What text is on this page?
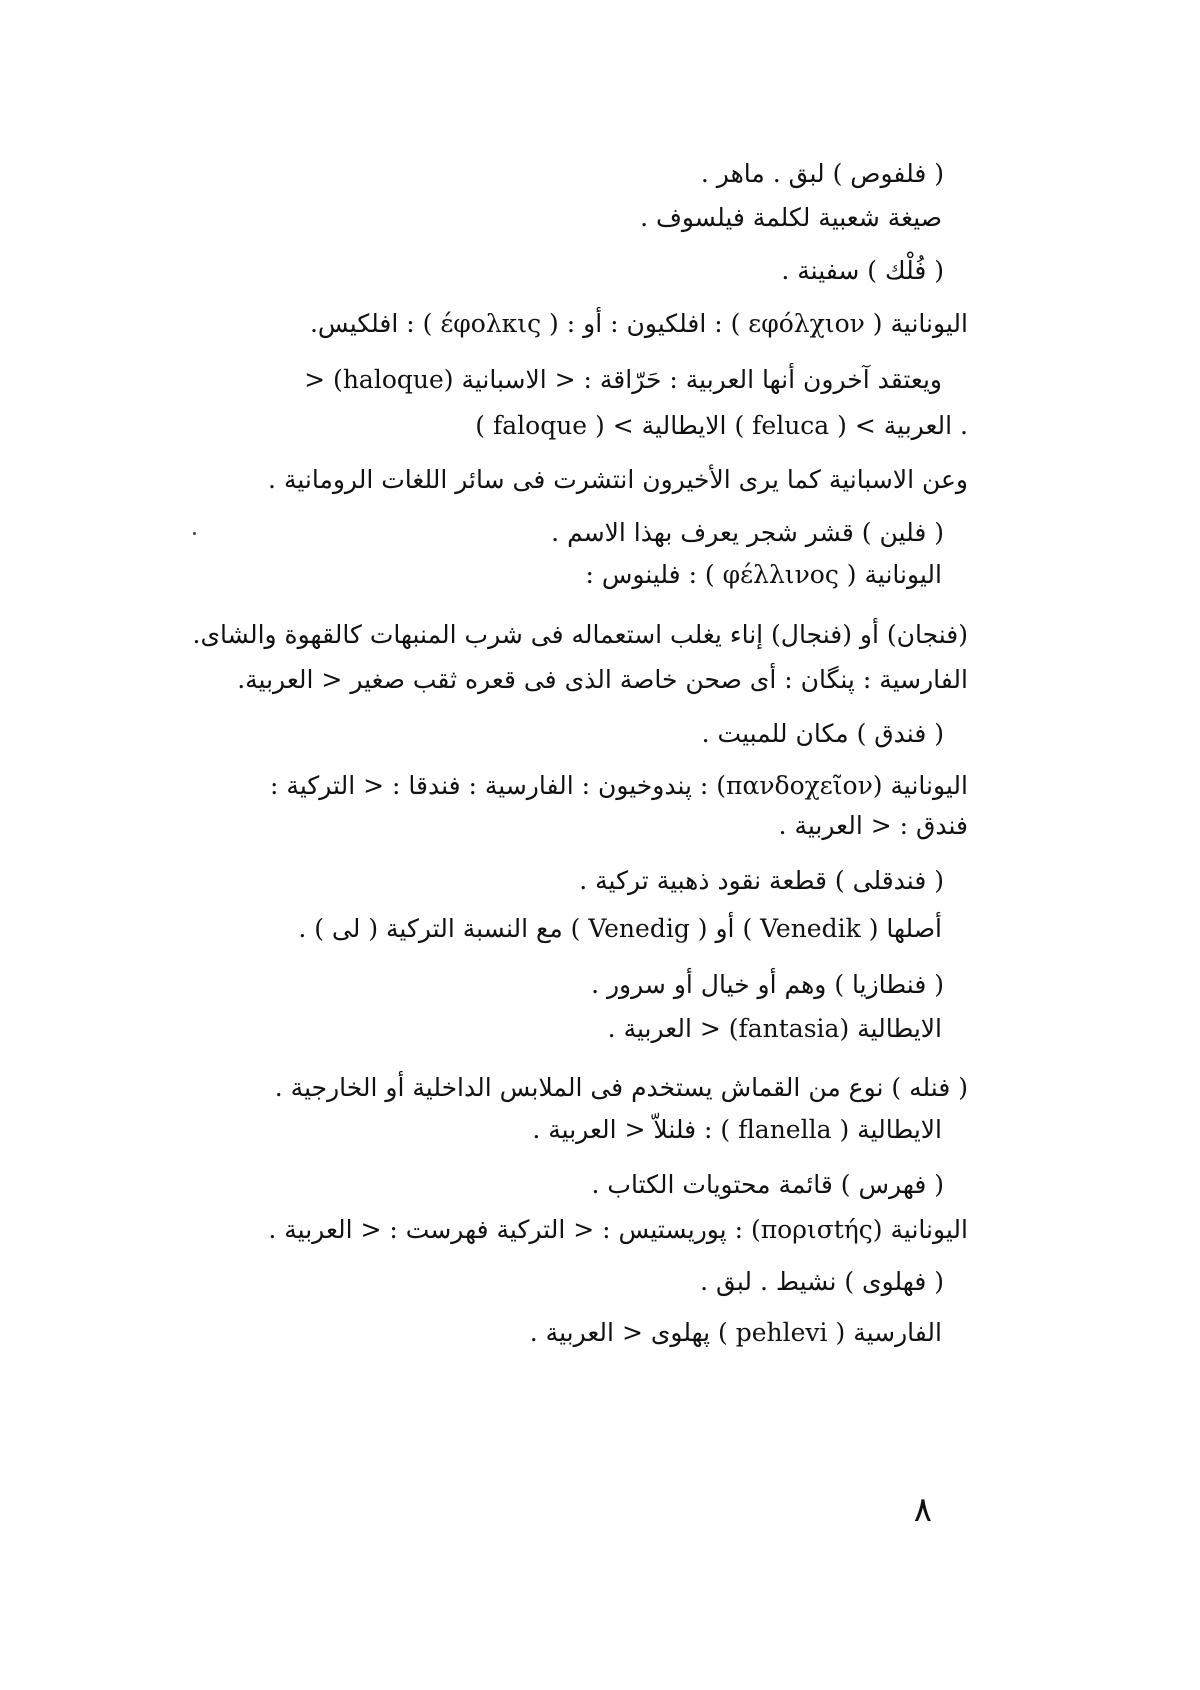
( فلفوص ) لبق . ماهر .
صيغة شعبية لكلمة فيلسوف .
( فُلْك ) سفينة .
اليونانية ( εφόλχιον ) : افلكيون : أو : ( έφολκις ) : افلكيس.
ويعتقد آخرون أنها العربية : حَرّاقة : < الاسبانية (haloque) <
( faloque ) < الايطالية ( feluca ) < العربية .
وعن الاسبانية كما يرى الأخيرون انتشرت فى سائر اللغات الرومانية .
( فلين ) قشر شجر يعرف بهذا الاسم .
اليونانية ( φέλλινος ) : فلينوس :
(فنجان) أو (فنجال) إناء يغلب استعماله فى شرب المنبهات كالقهوة والشاى.
الفارسية : پنگان : أى صحن خاصة الذى فى قعره ثقب صغير < العربية.
( فندق ) مكان للمبيت .
اليونانية (πανδοχεῖον) : پندوخيون : الفارسية : فندقا : < التركية :
فندق : < العربية .
( فندقلى ) قطعة نقود ذهبية تركية .
أصلها ( Venedik ) أو ( Venedig ) مع النسبة التركية ( لى ) .
( فنطازيا ) وهم أو خيال أو سرور .
الايطالية (fantasia) < العربية .
( فنله ) نوع من القماش يستخدم فى الملابس الداخلية أو الخارجية .
الايطالية ( flanella ) : فلنلاّ < العربية .
( فهرس ) قائمة محتويات الكتاب .
اليونانية (πορισtής) : پوريستيس : < التركية فهرست : < العربية .
( فهلوى ) نشيط . لبق .
الفارسية ( pehlevi ) پهلوى < العربية .
٨
